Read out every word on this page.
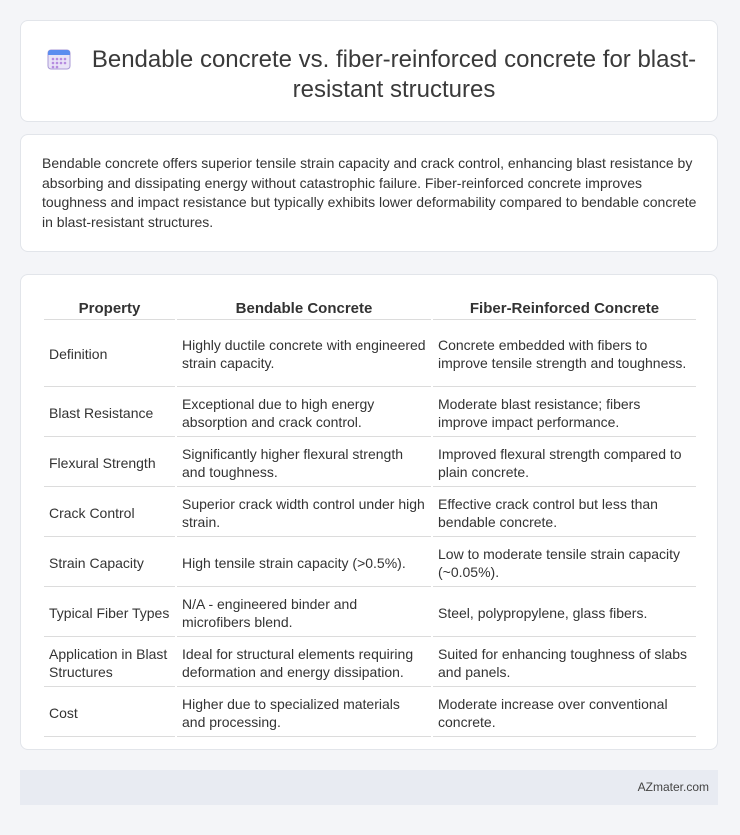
Bendable concrete vs. fiber-reinforced concrete for blast-resistant structures

Bendable concrete offers superior tensile strain capacity and crack control, enhancing blast resistance by absorbing and dissipating energy without catastrophic failure. Fiber-reinforced concrete improves toughness and impact resistance but typically exhibits lower deformability compared to bendable concrete in blast-resistant structures.

Property	Bendable Concrete	Fiber-Reinforced Concrete
Definition	Highly ductile concrete with engineered strain capacity.	Concrete embedded with fibers to improve tensile strength and toughness.
Blast Resistance	Exceptional due to high energy absorption and crack control.	Moderate blast resistance; fibers improve impact performance.
Flexural Strength	Significantly higher flexural strength and toughness.	Improved flexural strength compared to plain concrete.
Crack Control	Superior crack width control under high strain.	Effective crack control but less than bendable concrete.
Strain Capacity	High tensile strain capacity (>0.5%).	Low to moderate tensile strain capacity (~0.05%).
Typical Fiber Types	N/A - engineered binder and microfibers blend.	Steel, polypropylene, glass fibers.
Application in Blast Structures	Ideal for structural elements requiring deformation and energy dissipation.	Suited for enhancing toughness of slabs and panels.
Cost	Higher due to specialized materials and processing.	Moderate increase over conventional concrete.
AZmater.com
